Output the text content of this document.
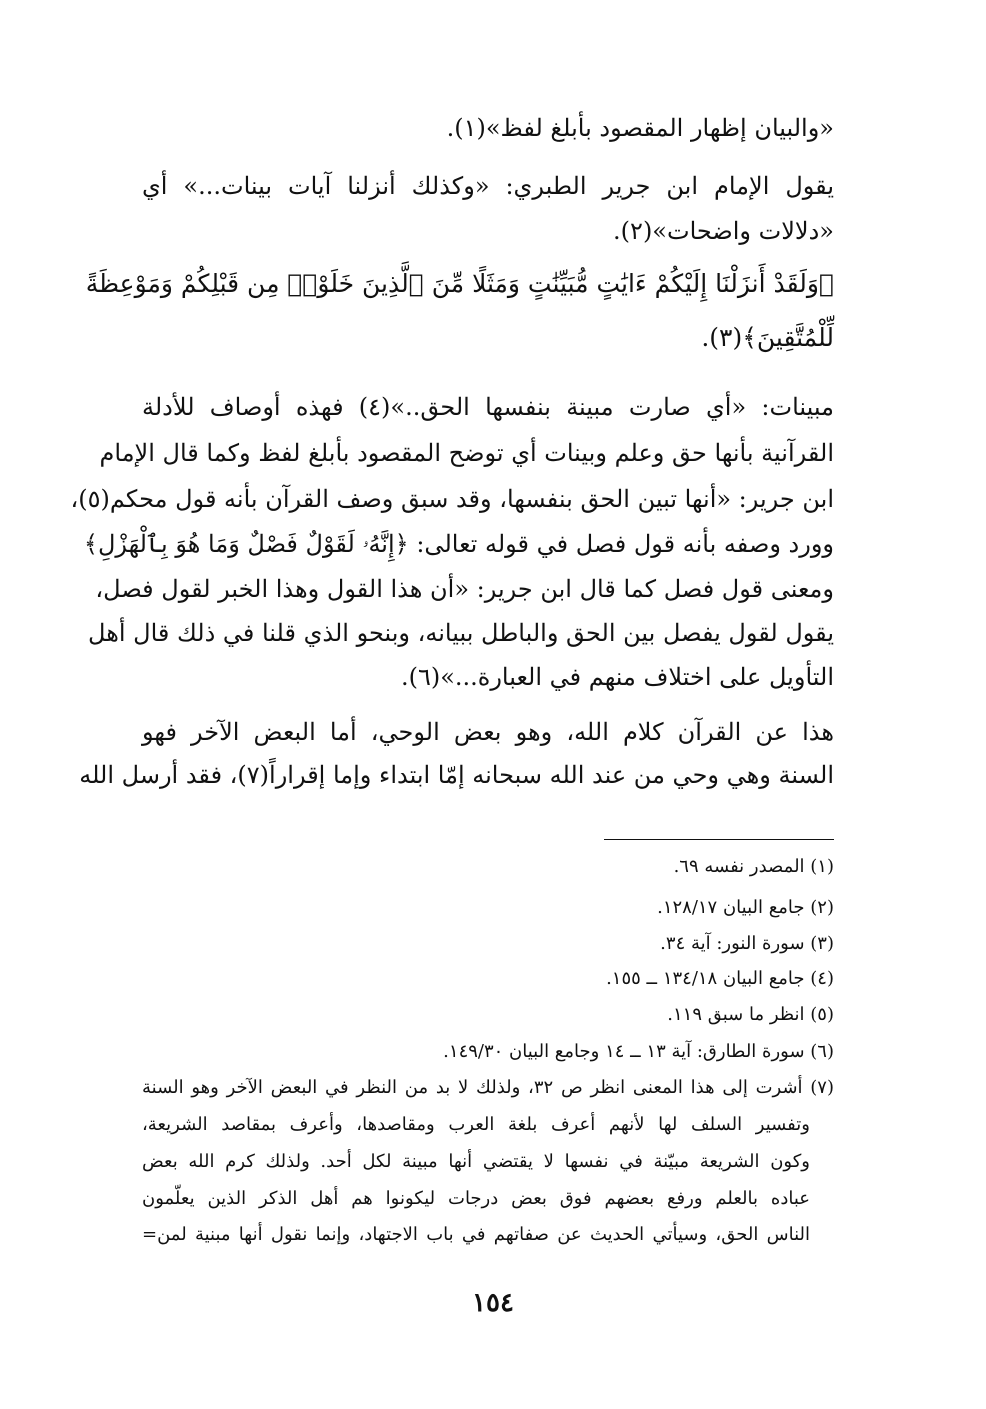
«والبيان إظهار المقصود بأبلغ لفظ»(١).
يقول الإمام ابن جرير الطبري: «وكذلك أنزلنا آيات بينات...» أي
«دلالات واضحات»(٢).
﴿وَلَقَدْ أَنزَلْنَا إِلَيْكُمْ ءَايَٰتٍ مُّبَيِّنَٰتٍ وَمَثَلًا مِّنَ ٱلَّذِينَ خَلَوْا۟ مِن قَبْلِكُمْ وَمَوْعِظَةً
لِّلْمُتَّقِينَ﴾(٣).
مبينات: «أي صارت مبينة بنفسها الحق..»(٤) فهذه أوصاف للأدلة
القرآنية بأنها حق وعلم وبينات أي توضح المقصود بأبلغ لفظ وكما قال الإمام
ابن جرير: «أنها تبين الحق بنفسها، وقد سبق وصف القرآن بأنه قول محكم(٥)،
وورد وصفه بأنه قول فصل في قوله تعالى: ﴿إِنَّهُۥ لَقَوْلٌ فَصْلٌ وَمَا هُوَ بِٱلْهَزْلِ﴾
ومعنى قول فصل كما قال ابن جرير: «أن هذا القول وهذا الخبر لقول فصل،
يقول لقول يفصل بين الحق والباطل ببيانه، وبنحو الذي قلنا في ذلك قال أهل
التأويل على اختلاف منهم في العبارة...»(٦).
هذا عن القرآن كلام الله، وهو بعض الوحي، أما البعض الآخر فهو
السنة وهي وحي من عند الله سبحانه إمّا ابتداء وإما إقراراً(٧)، فقد أرسل الله
(١) المصدر نفسه ٦٩.
(٢) جامع البيان ١٢٨/١٧.
(٣) سورة النور: آية ٣٤.
(٤) جامع البيان ١٣٤/١٨ ــ ١٥٥.
(٥) انظر ما سبق ١١٩.
(٦) سورة الطارق: آية ١٣ ــ ١٤ وجامع البيان ١٤٩/٣٠.
(٧) أشرت إلى هذا المعنى انظر ص ٣٢، ولذلك لا بد من النظر في البعض الآخر وهو السنة
وتفسير السلف لها لأنهم أعرف بلغة العرب ومقاصدها، وأعرف بمقاصد الشريعة،
وكون الشريعة مبيّنة في نفسها لا يقتضي أنها مبينة لكل أحد. ولذلك كرم الله بعض
عباده بالعلم ورفع بعضهم فوق بعض درجات ليكونوا هم أهل الذكر الذين يعلّمون
الناس الحق، وسيأتي الحديث عن صفاتهم في باب الاجتهاد، وإنما نقول أنها مبنية لمن=
١٥٤
